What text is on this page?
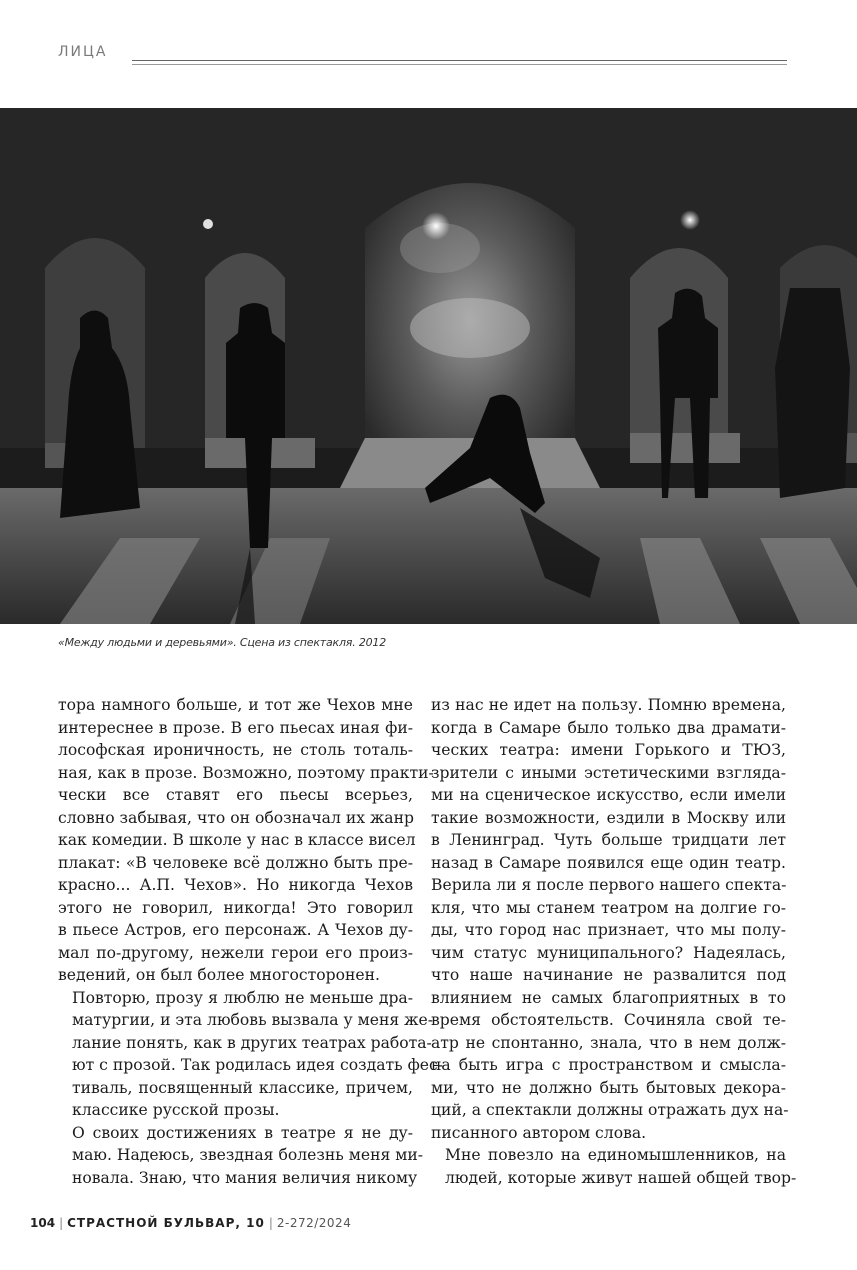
ЛИЦА
«Между людьми и деревьями». Сцена из спектакля. 2012

тора намного больше, и тот же Чехов мне
интереснее в прозе. В его пьесах иная фи-
лософская ироничность, не столь тоталь-
ная, как в прозе. Возможно, поэтому практи-
чески все ставят его пьесы всерьез,
словно забывая, что он обозначал их жанр
как комедии. В школе у нас в классе висел
плакат: «В человеке всё должно быть пре-
красно... А.П. Чехов». Но никогда Чехов
этого не говорил, никогда! Это говорил
в пьесе Астров, его персонаж. А Чехов ду-
мал по-другому, нежели герои его произ-
ведений, он был более многосторонен.

Повторю, прозу я люблю не меньше дра-
матургии, и эта любовь вызвала у меня же-
лание понять, как в других театрах работа-
ют с прозой. Так родилась идея создать фес-
тиваль, посвященный классике, причем,
классике русской прозы.

О своих достижениях в театре я не ду-
маю. Надеюсь, звездная болезнь меня ми-
новала. Знаю, что мания величия никому

из нас не идет на пользу. Помню времена,
когда в Самаре было только два драмати-
ческих театра: имени Горького и ТЮЗ,
зрители с иными эстетическими взгляда-
ми на сценическое искусство, если имели
такие возможности, ездили в Москву или
в Ленинград. Чуть больше тридцати лет
назад в Самаре появился еще один театр.
Верила ли я после первого нашего спекта-
кля, что мы станем театром на долгие го-
ды, что город нас признает, что мы полу-
чим статус муниципального? Надеялась,
что наше начинание не развалится под
влиянием не самых благоприятных в то
время обстоятельств. Сочиняла свой те-
атр не спонтанно, знала, что в нем долж-
на быть игра с пространством и смысла-
ми, что не должно быть бытовых декора-
ций, а спектакли должны отражать дух на-
писанного автором слова.

Мне повезло на единомышленников, на
людей, которые живут нашей общей твор-

104 | СТРАСТНОЙ БУЛЬВАР, 10 | 2-272/2024
